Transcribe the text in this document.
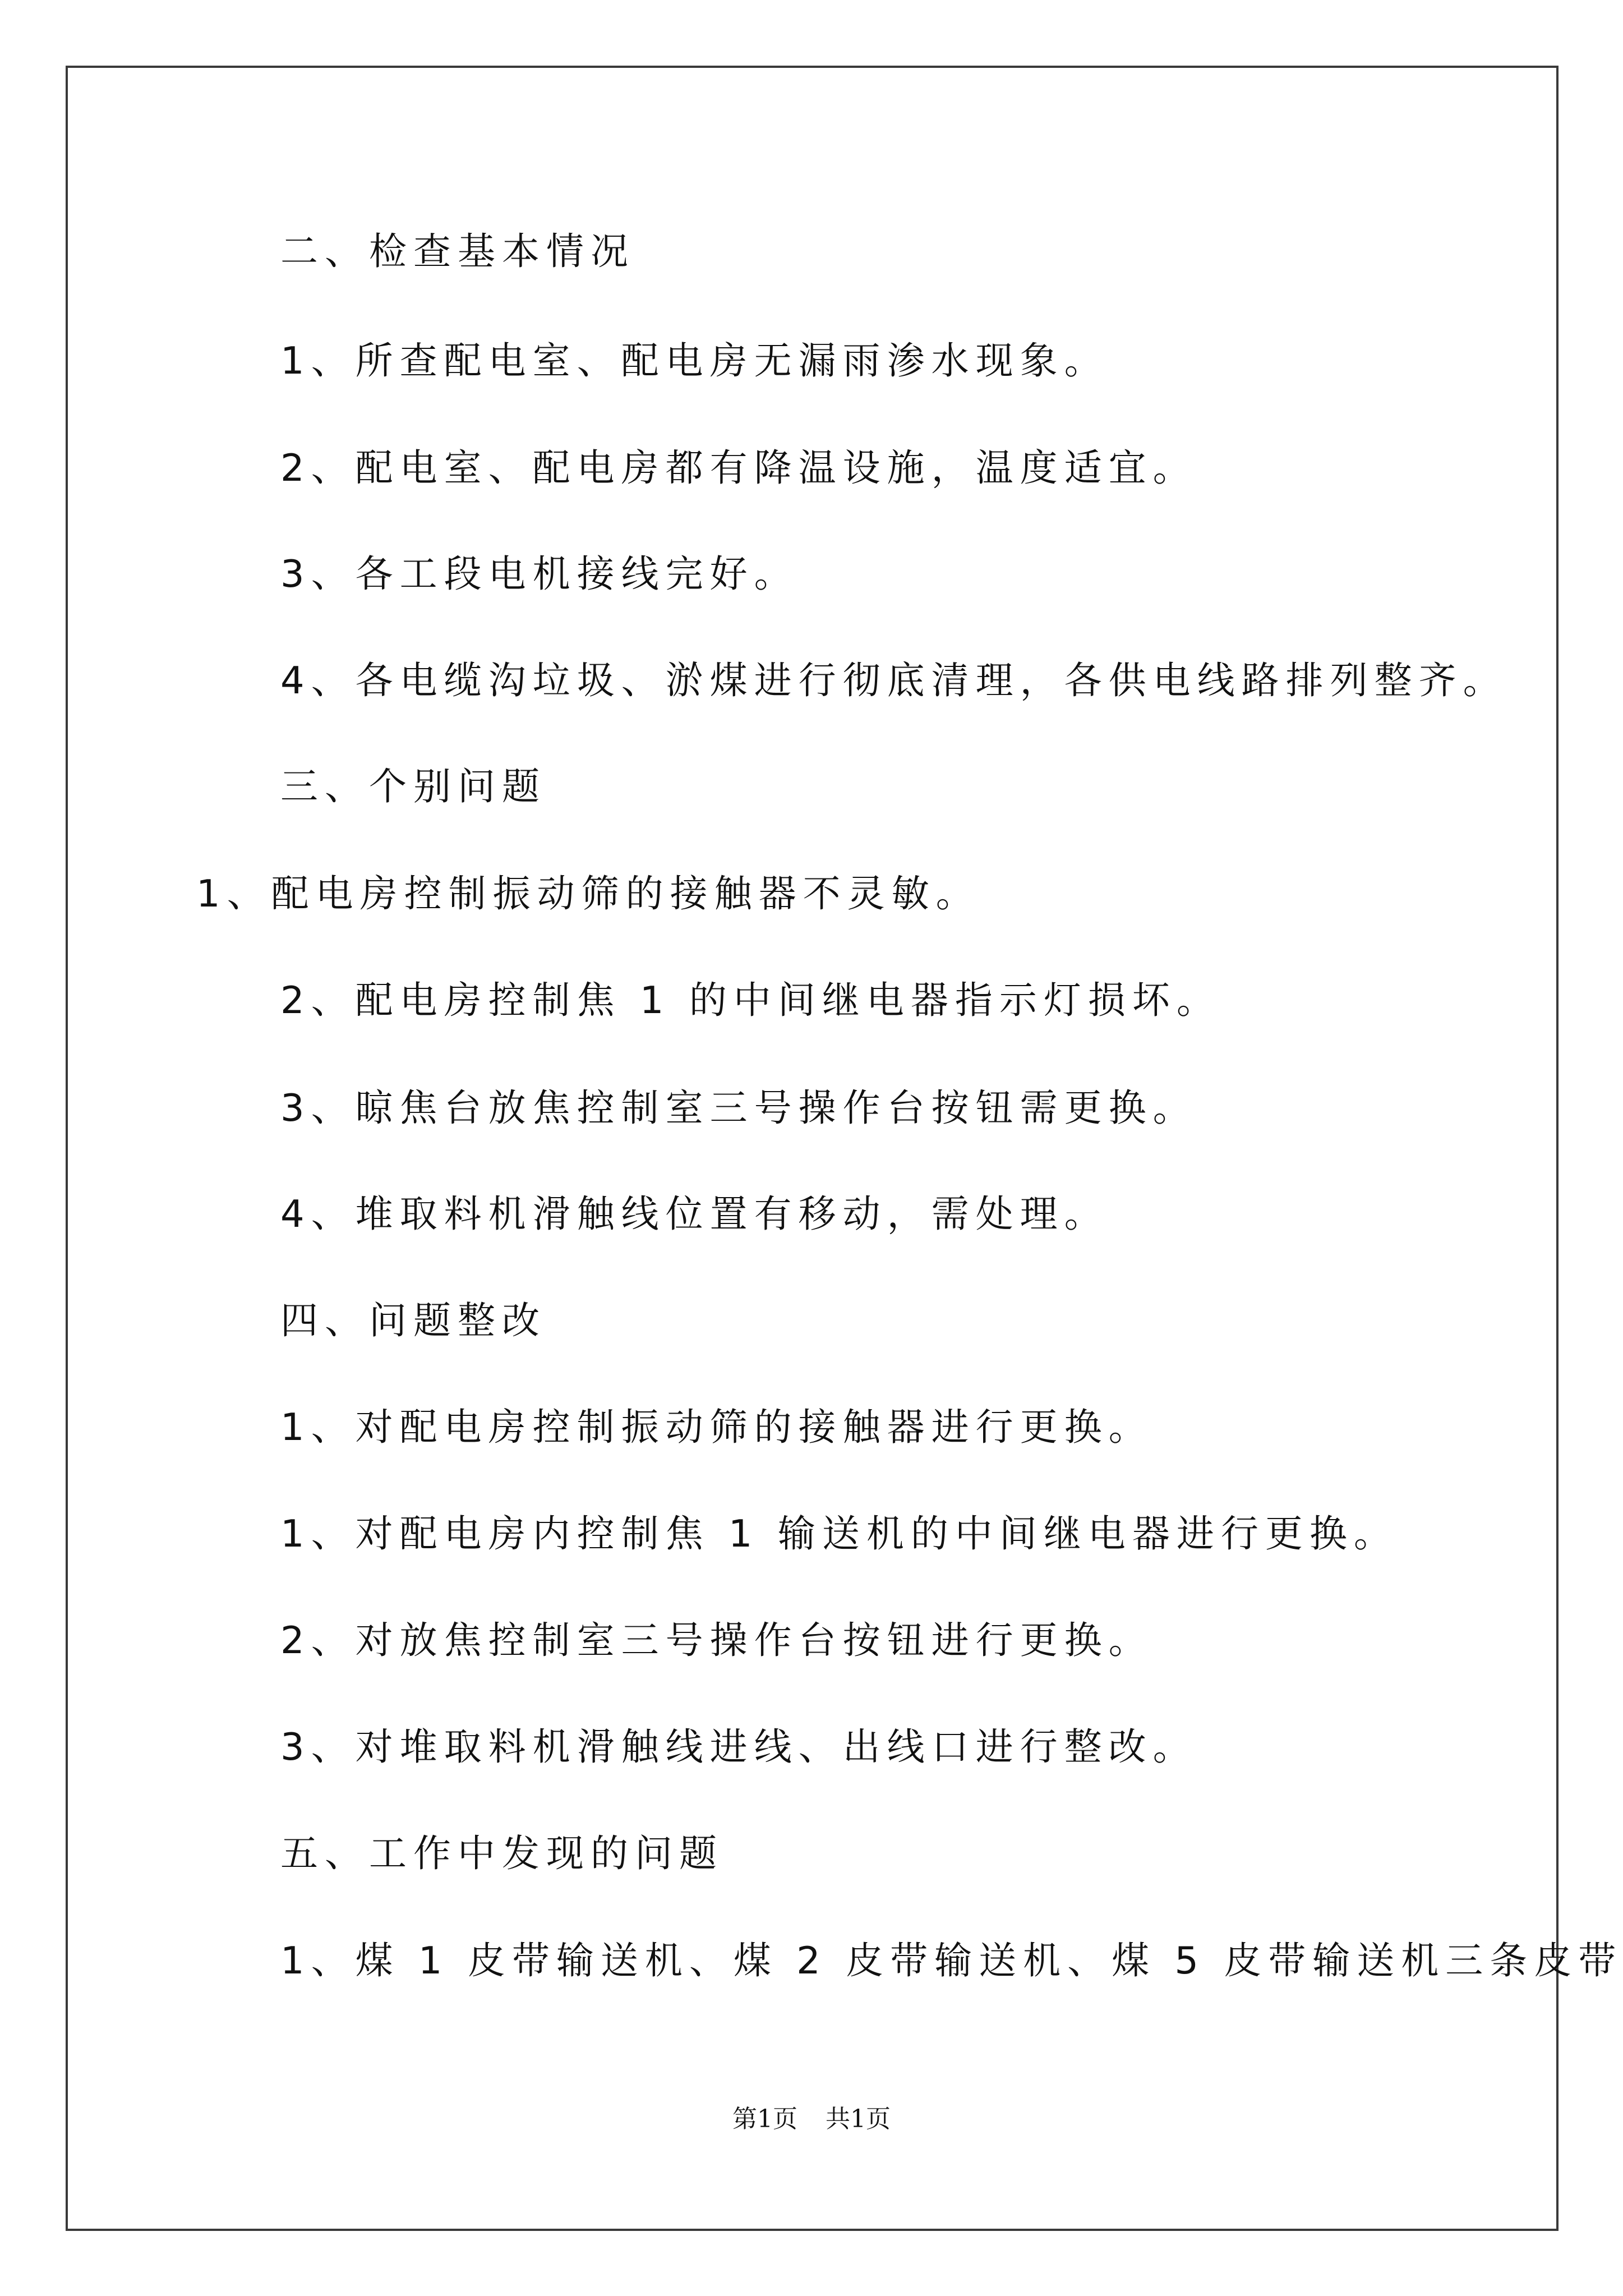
二、检查基本情况
1、所查配电室、配电房无漏雨渗水现象。
2、配电室、配电房都有降温设施，温度适宜。
3、各工段电机接线完好。
4、各电缆沟垃圾、淤煤进行彻底清理，各供电线路排列整齐。
三、个别问题
1、配电房控制振动筛的接触器不灵敏。
2、配电房控制焦 1 的中间继电器指示灯损坏。
3、晾焦台放焦控制室三号操作台按钮需更换。
4、堆取料机滑触线位置有移动，需处理。
四、问题整改
1、对配电房控制振动筛的接触器进行更换。
1、对配电房内控制焦 1 输送机的中间继电器进行更换。
2、对放焦控制室三号操作台按钮进行更换。
3、对堆取料机滑触线进线、出线口进行整改。
五、工作中发现的问题
1、煤 1 皮带输送机、煤 2 皮带输送机、煤 5 皮带输送机三条皮带
第1页 共1页
